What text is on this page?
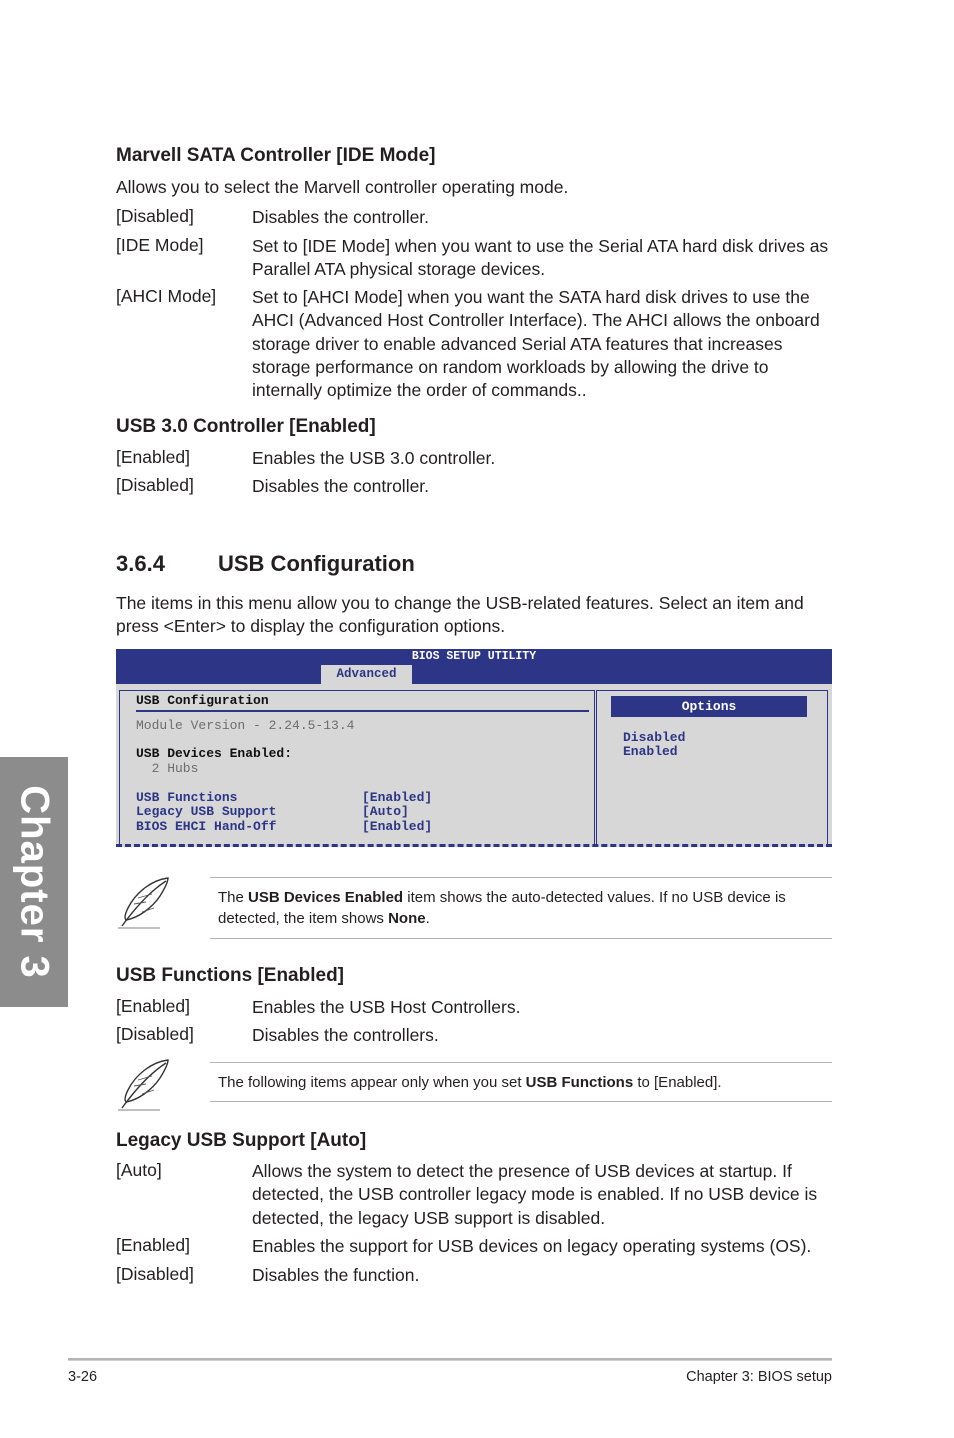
Chapter 3
Marvell SATA Controller [IDE Mode]
Allows you to select the Marvell controller operating mode.
[Disabled]	Disables the controller.
[IDE Mode]	Set to [IDE Mode] when you want to use the Serial ATA hard disk drives as Parallel ATA physical storage devices.
[AHCI Mode] Set to [AHCI Mode] when you want the SATA hard disk drives to use the AHCI (Advanced Host Controller Interface). The AHCI allows the onboard storage driver to enable advanced Serial ATA features that increases storage performance on random workloads by allowing the drive to internally optimize the order of commands..
USB 3.0 Controller [Enabled]
[Enabled]	Enables the USB 3.0 controller.
[Disabled]	Disables the controller.
3.6.4 USB Configuration
The items in this menu allow you to change the USB-related features. Select an item and press <Enter> to display the configuration options.
BIOS SETUP UTILITY
Advanced
USB Configuration
Module Version - 2.24.5-13.4
USB Devices Enabled:
2 Hubs
USB Functions	[Enabled]
Legacy USB Support	[Auto]
BIOS EHCI Hand-Off	[Enabled]
Options
Disabled
Enabled
The USB Devices Enabled item shows the auto-detected values. If no USB device is detected, the item shows None.
USB Functions [Enabled]
[Enabled]	Enables the USB Host Controllers.
[Disabled]	Disables the controllers.
The following items appear only when you set USB Functions to [Enabled].
Legacy USB Support [Auto]
[Auto]	Allows the system to detect the presence of USB devices at startup. If detected, the USB controller legacy mode is enabled. If no USB device is detected, the legacy USB support is disabled.
[Enabled]	Enables the support for USB devices on legacy operating systems (OS).
[Disabled]	Disables the function.
3-26	Chapter 3: BIOS setup
